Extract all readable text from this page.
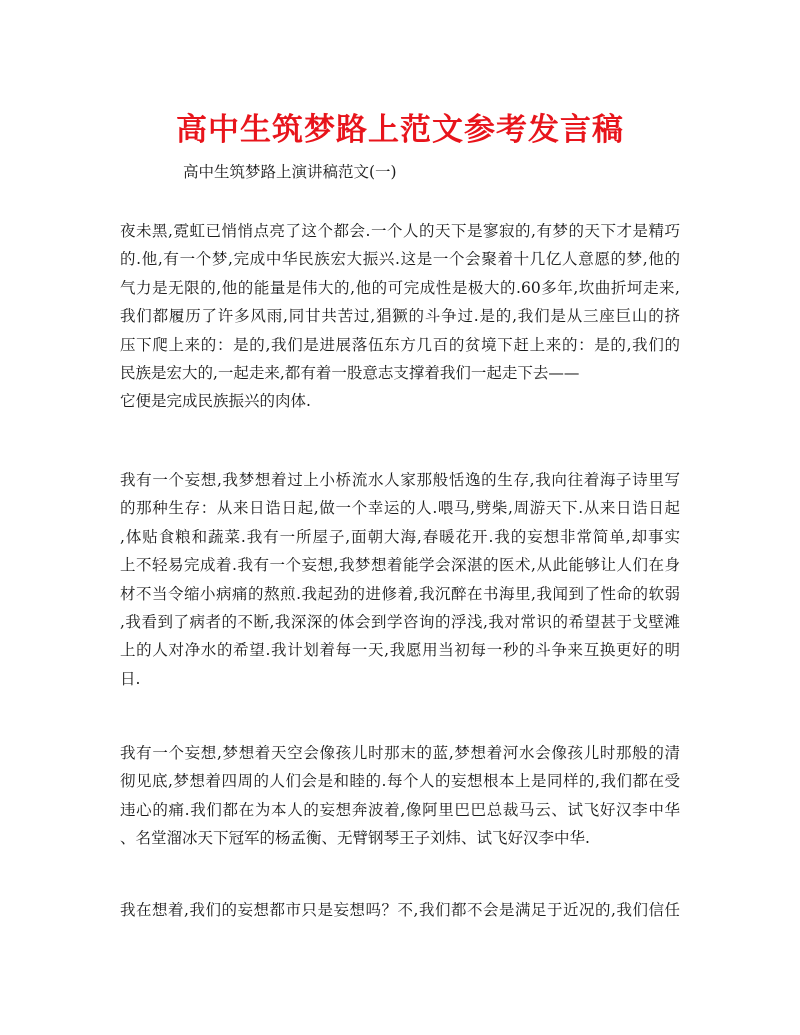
高中生筑梦路上范文参考发言稿
高中生筑梦路上演讲稿范文(一)
夜未黑,霓虹已悄悄点亮了这个都会.一个人的天下是寥寂的,有梦的天下才是精巧
的.他,有一个梦,完成中华民族宏大振兴.这是一个会聚着十几亿人意愿的梦,他的
气力是无限的,他的能量是伟大的,他的可完成性是极大的.60多年,坎曲折坷走来,
我们都履历了许多风雨,同甘共苦过,猖獗的斗争过.是的,我们是从三座巨山的挤
压下爬上来的：是的,我们是进展落伍东方几百的贫境下赶上来的：是的,我们的
民族是宏大的,一起走来,都有着一股意志支撑着我们一起走下去——
它便是完成民族振兴的肉体.
我有一个妄想,我梦想着过上小桥流水人家那般恬逸的生存,我向往着海子诗里写
的那种生存：从来日诰日起,做一个幸运的人.喂马,劈柴,周游天下.从来日诰日起
,体贴食粮和蔬菜.我有一所屋子,面朝大海,春暖花开.我的妄想非常简单,却事实
上不轻易完成着.我有一个妄想,我梦想着能学会深湛的医术,从此能够让人们在身
材不当令缩小病痛的熬煎.我起劲的进修着,我沉醉在书海里,我闻到了性命的软弱
,我看到了病者的不断,我深深的体会到学咨询的浮浅,我对常识的希望甚于戈壁滩
上的人对净水的希望.我计划着每一天,我愿用当初每一秒的斗争来互换更好的明
日.
我有一个妄想,梦想着天空会像孩儿时那末的蓝,梦想着河水会像孩儿时那般的清
彻见底,梦想着四周的人们会是和睦的.每个人的妄想根本上是同样的,我们都在受
违心的痛.我们都在为本人的妄想奔波着,像阿里巴巴总裁马云、试飞好汉李中华
、名堂溜冰天下冠军的杨孟衡、无臂钢琴王子刘炜、试飞好汉李中华.
我在想着,我们的妄想都市只是妄想吗？不,我们都不会是满足于近况的,我们信任
